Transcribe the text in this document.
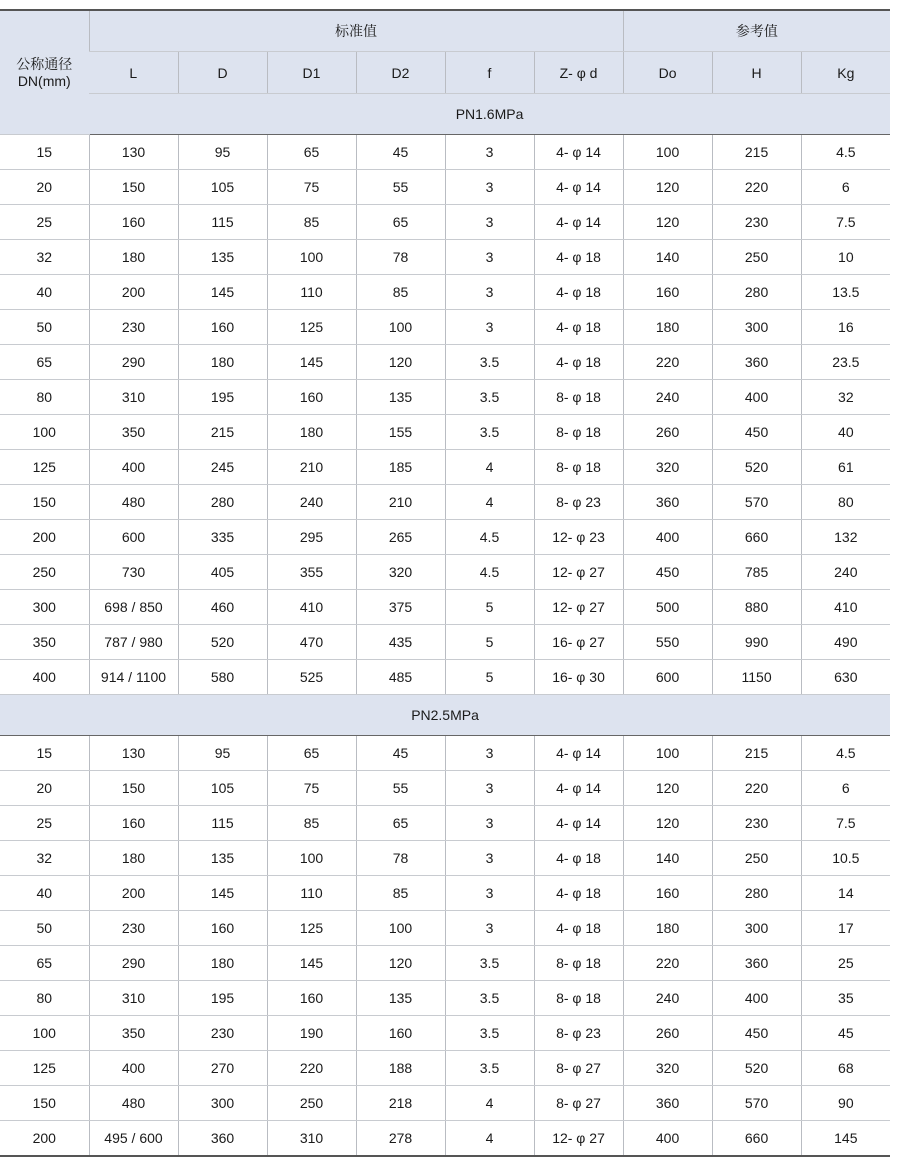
公称通径
DN(mm)	标准值						参考值		
	L	D	D1	D2	f	Z- φ d	Do	H	Kg
	PN1.6MPa								
15	130	95	65	45	3	4- φ 14	100	215	4.5
20	150	105	75	55	3	4- φ 14	120	220	6
25	160	115	85	65	3	4- φ 14	120	230	7.5
32	180	135	100	78	3	4- φ 18	140	250	10
40	200	145	110	85	3	4- φ 18	160	280	13.5
50	230	160	125	100	3	4- φ 18	180	300	16
65	290	180	145	120	3.5	4- φ 18	220	360	23.5
80	310	195	160	135	3.5	8- φ 18	240	400	32
100	350	215	180	155	3.5	8- φ 18	260	450	40
125	400	245	210	185	4	8- φ 18	320	520	61
150	480	280	240	210	4	8- φ 23	360	570	80
200	600	335	295	265	4.5	12- φ 23	400	660	132
250	730	405	355	320	4.5	12- φ 27	450	785	240
300	698 / 850	460	410	375	5	12- φ 27	500	880	410
350	787 / 980	520	470	435	5	16- φ 27	550	990	490
400	914 / 1100	580	525	485	5	16- φ 30	600	1150	630
PN2.5MPa									
15	130	95	65	45	3	4- φ 14	100	215	4.5
20	150	105	75	55	3	4- φ 14	120	220	6
25	160	115	85	65	3	4- φ 14	120	230	7.5
32	180	135	100	78	3	4- φ 18	140	250	10.5
40	200	145	110	85	3	4- φ 18	160	280	14
50	230	160	125	100	3	4- φ 18	180	300	17
65	290	180	145	120	3.5	8- φ 18	220	360	25
80	310	195	160	135	3.5	8- φ 18	240	400	35
100	350	230	190	160	3.5	8- φ 23	260	450	45
125	400	270	220	188	3.5	8- φ 27	320	520	68
150	480	300	250	218	4	8- φ 27	360	570	90
200	495 / 600	360	310	278	4	12- φ 27	400	660	145
